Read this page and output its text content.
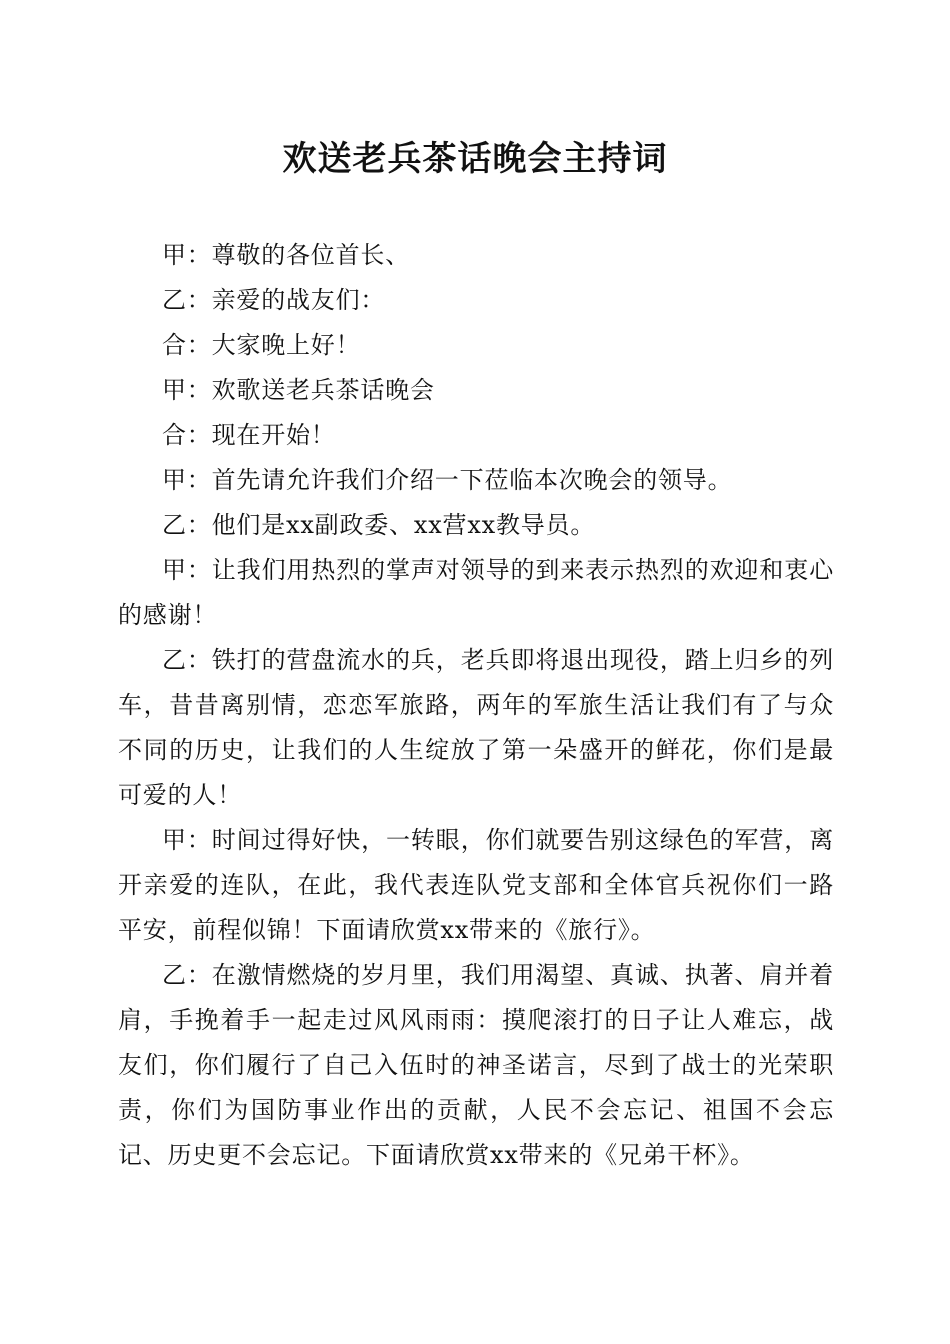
欢送老兵茶话晚会主持词

甲：尊敬的各位首长、

乙：亲爱的战友们：

合：大家晚上好！

甲：欢歌送老兵茶话晚会

合：现在开始！

甲：首先请允许我们介绍一下莅临本次晚会的领导。

乙：他们是xx副政委、xx营xx教导员。

甲：让我们用热烈的掌声对领导的到来表示热烈的欢迎和衷心的感谢！

乙：铁打的营盘流水的兵，老兵即将退出现役，踏上归乡的列车，昔昔离别情，恋恋军旅路，两年的军旅生活让我们有了与众不同的历史，让我们的人生绽放了第一朵盛开的鲜花，你们是最可爱的人！

甲：时间过得好快，一转眼，你们就要告别这绿色的军营，离开亲爱的连队，在此，我代表连队党支部和全体官兵祝你们一路平安，前程似锦！下面请欣赏xx带来的《旅行》。

乙：在激情燃烧的岁月里，我们用渴望、真诚、执著、肩并着肩，手挽着手一起走过风风雨雨：摸爬滚打的日子让人难忘，战友们，你们履行了自己入伍时的神圣诺言，尽到了战士的光荣职责，你们为国防事业作出的贡献，人民不会忘记、祖国不会忘记、历史更不会忘记。下面请欣赏xx带来的《兄弟干杯》。
